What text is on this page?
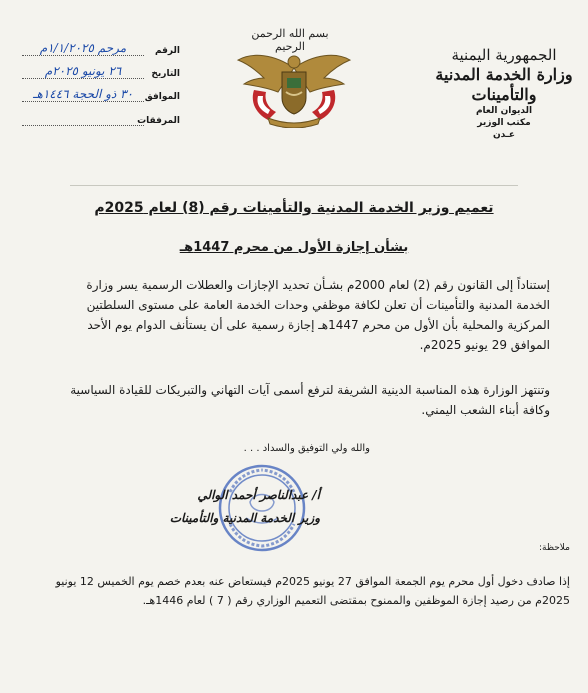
الجمهورية اليمنية
وزارة الخدمة المدنية والتأمينات
الديوان العام
مكتب الوزير
عـدن
بسم الله الرحمن الرحيم
الرقم
مرحم ١/١/٢٠٢٥م
التاريخ
٢٦ يونيو ٢٠٢٥م
الموافق
٣٠ ذو الحجة ١٤٤٦هـ
المرفقات
تعميم وزير الخدمة المدنية والتأمينات رقم (8) لعام 2025م
بشأن إجازة الأول من محرم 1447هـ
إستناداً إلى القانون رقم (2) لعام 2000م بشـأن تحديد الإجازات والعطلات الرسمية يسر وزارة الخدمة المدنية والتأمينات أن تعلن لكافة موظفي وحدات الخدمة العامة على مستوى السلطتين المركزية والمحلية بأن الأول من محرم 1447هـ إجازة رسمية على أن يستأنف الدوام يوم الأحد الموافق 29 يونيو 2025م.
وتنتهز الوزارة هذه المناسبة الدينية الشريفة لترفع أسمى آيات التهاني والتبريكات للقيادة السياسية وكافة أبناء الشعب اليمني.
والله ولي التوفيق والسداد . . .
أ/ عبدالناصر أحمد الوالي
وزير الخدمة المدنية والتأمينات
ملاحظة:
إذا صادف دخول أول محرم يوم الجمعة الموافق 27 يونيو 2025م فيستعاض عنه بعدم خصم يوم الخميس 12 يونيو 2025م من رصيد إجازة الموظفين والممنوح بمقتضى التعميم الوزاري رقم ( 7 ) لعام 1446هـ.
